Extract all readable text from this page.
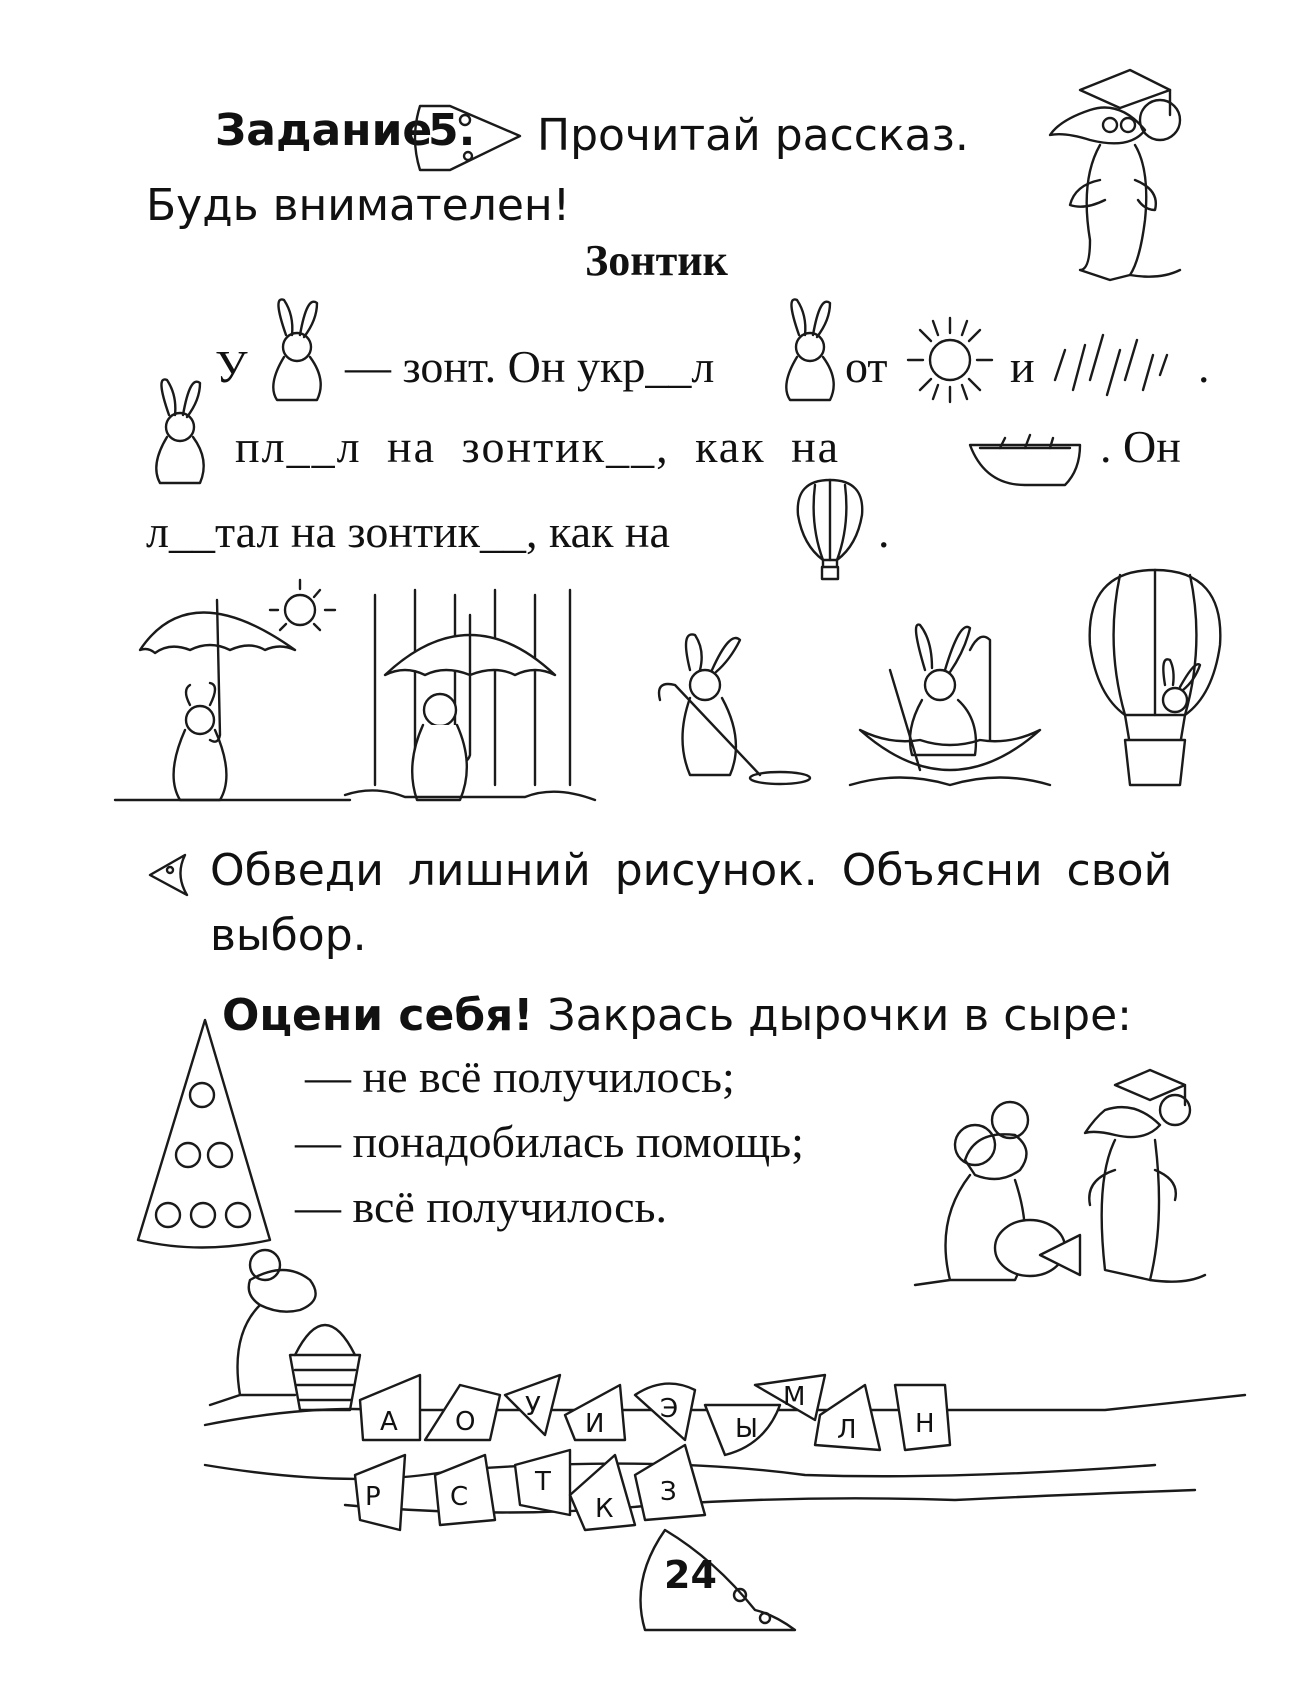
Задание
5. Прочитай рассказ.
Будь внимателен!
Зонтик
У — зонт. Он укр__л	от	и	.
пл__л на зонтик__, как на	. Он
л__тал на зонтик__, как на	.
Обведи лишний рисунок. Объясни свой
выбор.
Оцени себя! Закрась дырочки в сыре:
— не всё получилось;
— понадобилась помощь;
— всё получилось.
А О У
И Э
Ы
М
Л Н
Р	С	Т
К
З
24
